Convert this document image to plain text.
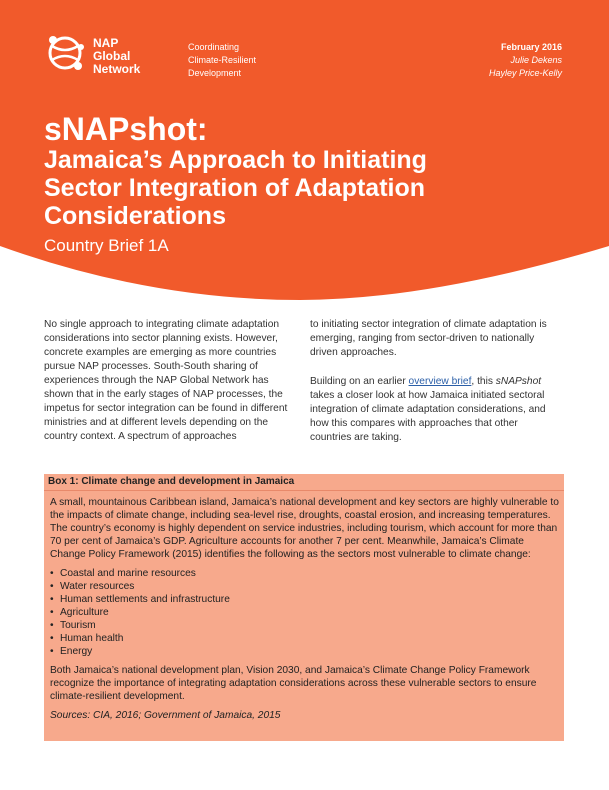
NAP
Global
Network
Coordinating
Climate-Resilient
Development
February 2016
Julie Dekens
Hayley Price-Kelly
sNAPshot:
Jamaica’s Approach to Initiating
Sector Integration of Adaptation
Considerations
Country Brief 1A

No single approach to integrating climate adaptation considerations into sector planning exists. However, concrete examples are emerging as more countries pursue NAP processes. South-South sharing of experiences through the NAP Global Network has shown that in the early stages of NAP processes, the impetus for sector integration can be found in different ministries and at different levels depending on the country context. A spectrum of approaches

to initiating sector integration of climate adaptation is emerging, ranging from sector-driven to nationally driven approaches.

Building on an earlier overview brief, this sNAPshot takes a closer look at how Jamaica initiated sectoral integration of climate adaptation considerations, and how this compares with approaches that other countries are taking.

Box 1: Climate change and development in Jamaica

A small, mountainous Caribbean island, Jamaica’s national development and key sectors are highly vulnerable to the impacts of climate change, including sea-level rise, droughts, coastal erosion, and increasing temperatures. The country’s economy is highly dependent on service industries, including tourism, which account for more than 70 per cent of Jamaica’s GDP. Agriculture accounts for another 7 per cent. Meanwhile, Jamaica’s Climate Change Policy Framework (2015) identifies the following as the sectors most vulnerable to climate change:

• Coastal and marine resources
• Water resources
• Human settlements and infrastructure
• Agriculture
• Tourism
• Human health
• Energy

Both Jamaica’s national development plan, Vision 2030, and Jamaica’s Climate Change Policy Framework recognize the importance of integrating adaptation considerations across these vulnerable sectors to ensure climate-resilient development.

Sources: CIA, 2016; Government of Jamaica, 2015
